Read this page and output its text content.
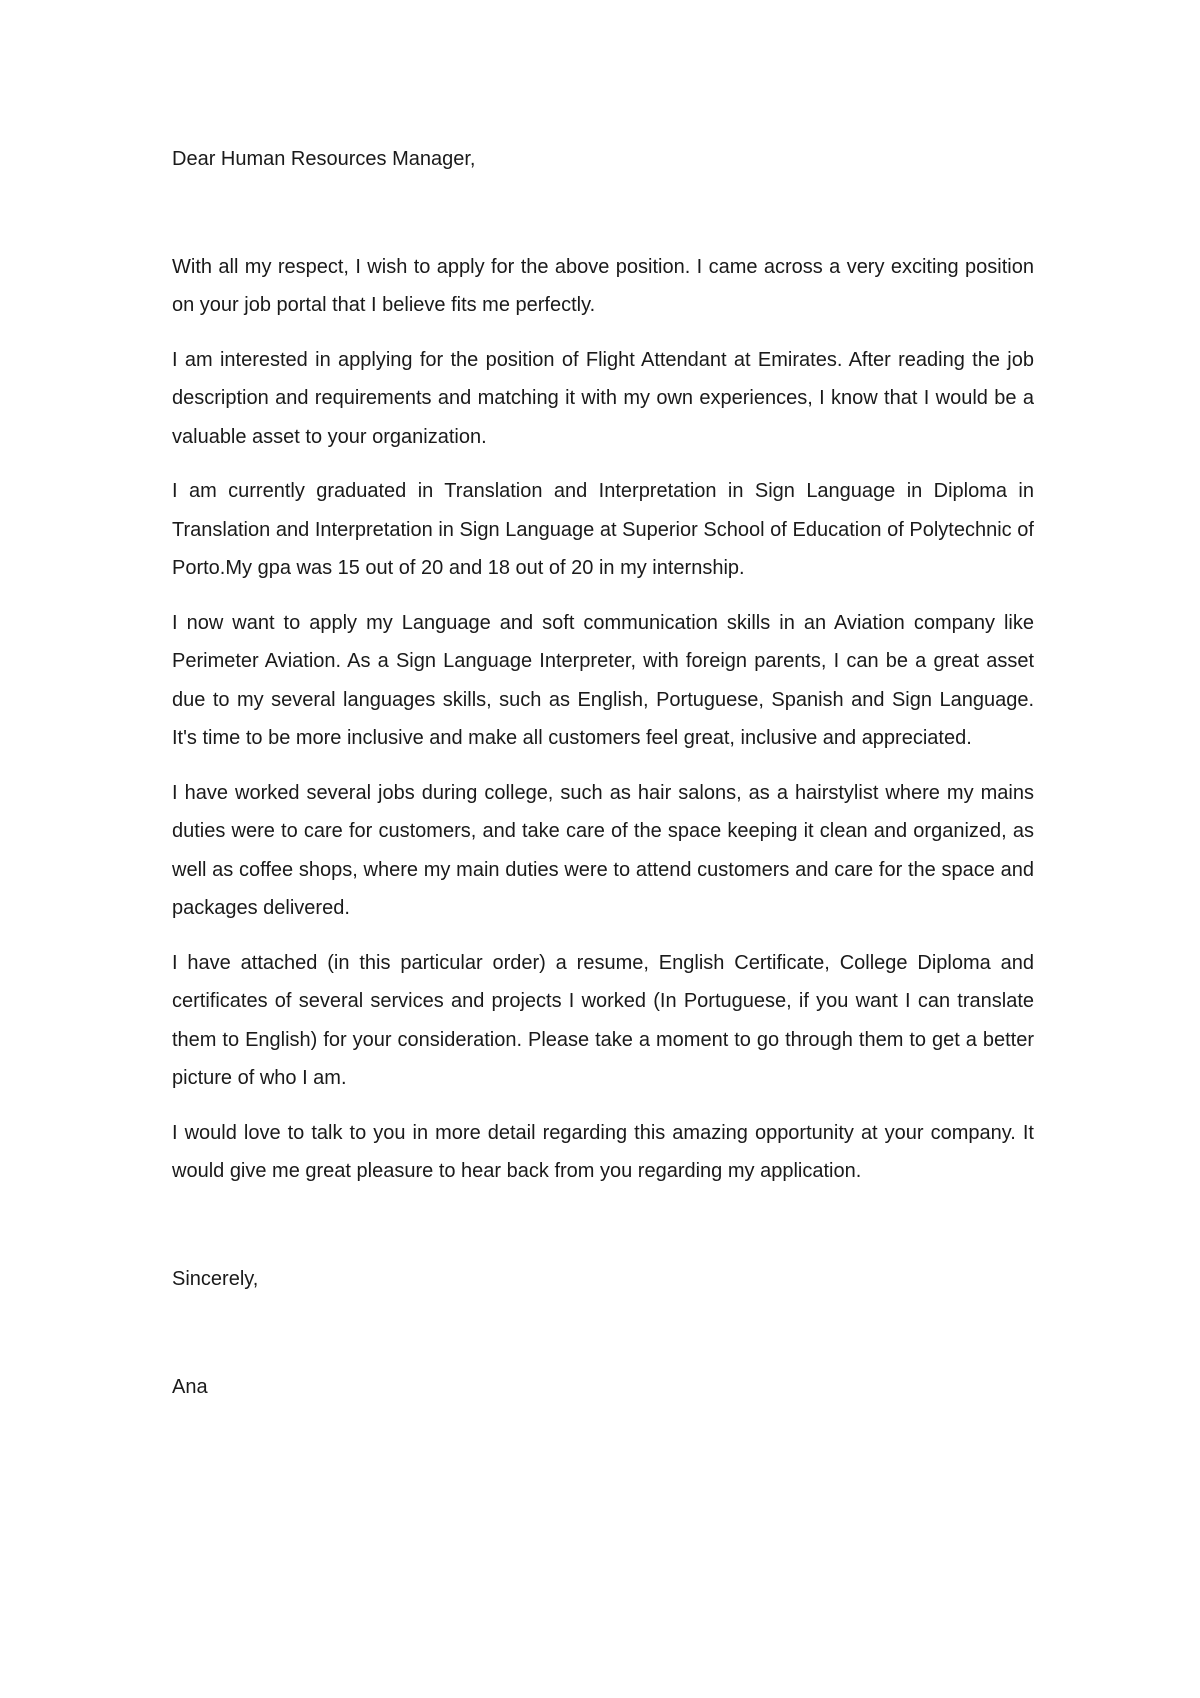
Dear Human Resources Manager,

With all my respect, I wish to apply for the above position. I came across a very exciting position on your job portal that I believe fits me perfectly.

I am interested in applying for the position of Flight Attendant at Emirates. After reading the job description and requirements and matching it with my own experiences, I know that I would be a valuable asset to your organization.

I am currently graduated in Translation and Interpretation in Sign Language in Diploma in Translation and Interpretation in Sign Language at Superior School of Education of Polytechnic of Porto.My gpa was 15 out of 20 and 18 out of 20 in my internship.

I now want to apply my Language and soft communication skills in an Aviation company like Perimeter Aviation. As a Sign Language Interpreter, with foreign parents, I can be a great asset due to my several languages skills, such as English, Portuguese, Spanish and Sign Language. It's time to be more inclusive and make all customers feel great, inclusive and appreciated.

I have worked several jobs during college, such as hair salons, as a hairstylist where my mains duties were to care for customers, and take care of the space keeping it clean and organized, as well as coffee shops, where my main duties were to attend customers and care for the space and packages delivered.

I have attached (in this particular order) a resume, English Certificate, College Diploma and certificates of several services and projects I worked (In Portuguese, if you want I can translate them to English) for your consideration. Please take a moment to go through them to get a better picture of who I am.

I would love to talk to you in more detail regarding this amazing opportunity at your company. It would give me great pleasure to hear back from you regarding my application.

Sincerely,

Ana
